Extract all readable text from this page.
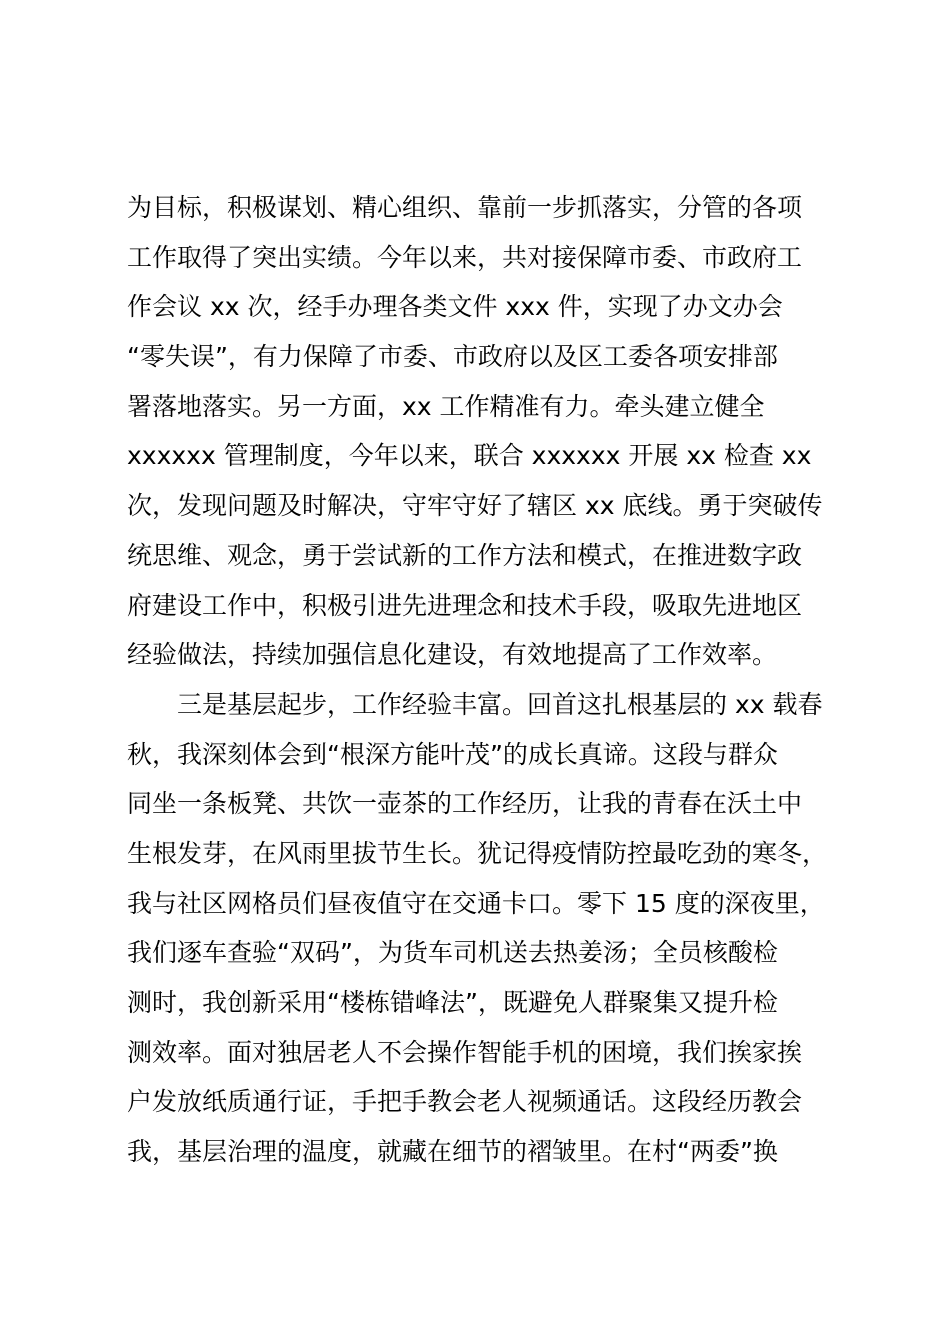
为目标，积极谋划、精心组织、靠前一步抓落实，分管的各项
工作取得了突出实绩。今年以来，共对接保障市委、市政府工
作会议 xx 次，经手办理各类文件 xxx 件，实现了办文办会
“零失误”，有力保障了市委、市政府以及区工委各项安排部
署落地落实。另一方面，xx 工作精准有力。牵头建立健全
xxxxxx 管理制度，今年以来，联合 xxxxxx 开展 xx 检查 xx
次，发现问题及时解决，守牢守好了辖区 xx 底线。勇于突破传
统思维、观念，勇于尝试新的工作方法和模式，在推进数字政
府建设工作中，积极引进先进理念和技术手段，吸取先进地区
经验做法，持续加强信息化建设，有效地提高了工作效率。
三是基层起步，工作经验丰富。回首这扎根基层的 xx 载春
秋，我深刻体会到“根深方能叶茂”的成长真谛。这段与群众
同坐一条板凳、共饮一壶茶的工作经历，让我的青春在沃土中
生根发芽，在风雨里拔节生长。犹记得疫情防控最吃劲的寒冬，
我与社区网格员们昼夜值守在交通卡口。零下 15 度的深夜里，
我们逐车查验“双码”，为货车司机送去热姜汤；全员核酸检
测时，我创新采用“楼栋错峰法”，既避免人群聚集又提升检
测效率。面对独居老人不会操作智能手机的困境，我们挨家挨
户发放纸质通行证，手把手教会老人视频通话。这段经历教会
我，基层治理的温度，就藏在细节的褶皱里。在村“两委”换
